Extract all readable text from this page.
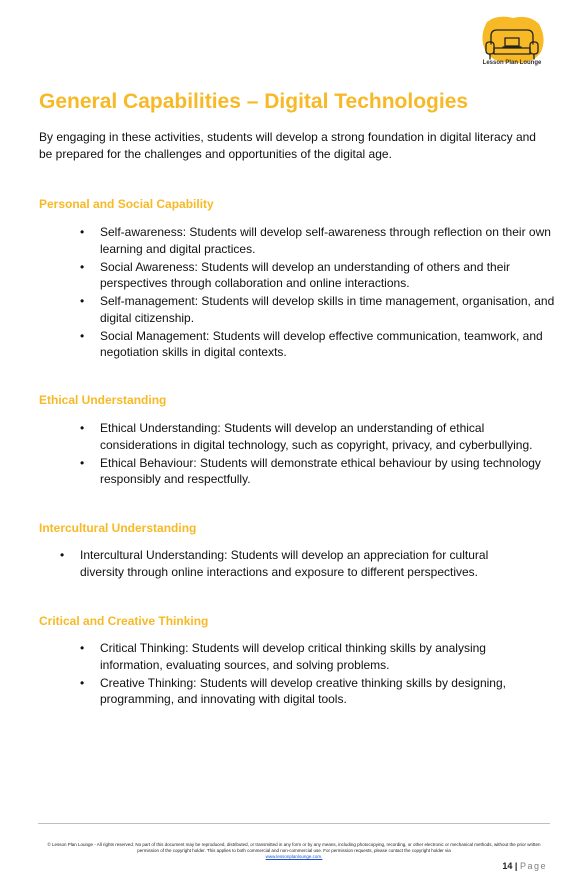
Lesson Plan Lounge
General Capabilities – Digital Technologies

By engaging in these activities, students will develop a strong foundation in digital literacy and be prepared for the challenges and opportunities of the digital age.

Personal and Social Capability
• Self-awareness: Students will develop self-awareness through reflection on their own learning and digital practices.
• Social Awareness: Students will develop an understanding of others and their perspectives through collaboration and online interactions.
• Self-management: Students will develop skills in time management, organisation, and digital citizenship.
• Social Management: Students will develop effective communication, teamwork, and negotiation skills in digital contexts.
Ethical Understanding
• Ethical Understanding: Students will develop an understanding of ethical considerations in digital technology, such as copyright, privacy, and cyberbullying.
• Ethical Behaviour: Students will demonstrate ethical behaviour by using technology responsibly and respectfully.
Intercultural Understanding
• Intercultural Understanding: Students will develop an appreciation for cultural diversity through online interactions and exposure to different perspectives.
Critical and Creative Thinking
• Critical Thinking: Students will develop critical thinking skills by analysing information, evaluating sources, and solving problems.
• Creative Thinking: Students will develop creative thinking skills by designing, programming, and innovating with digital tools.
© Lesson Plan Lounge - All rights reserved. No part of this document may be reproduced, distributed, or transmitted in any form or by any means, including photocopying, recording, or other electronic or mechanical methods, without the prior written permission of the copyright holder. This applies to both commercial and non-commercial use. For permission requests, please contact the copyright holder via
www.lessonplanlounge.com.
14 | Page
